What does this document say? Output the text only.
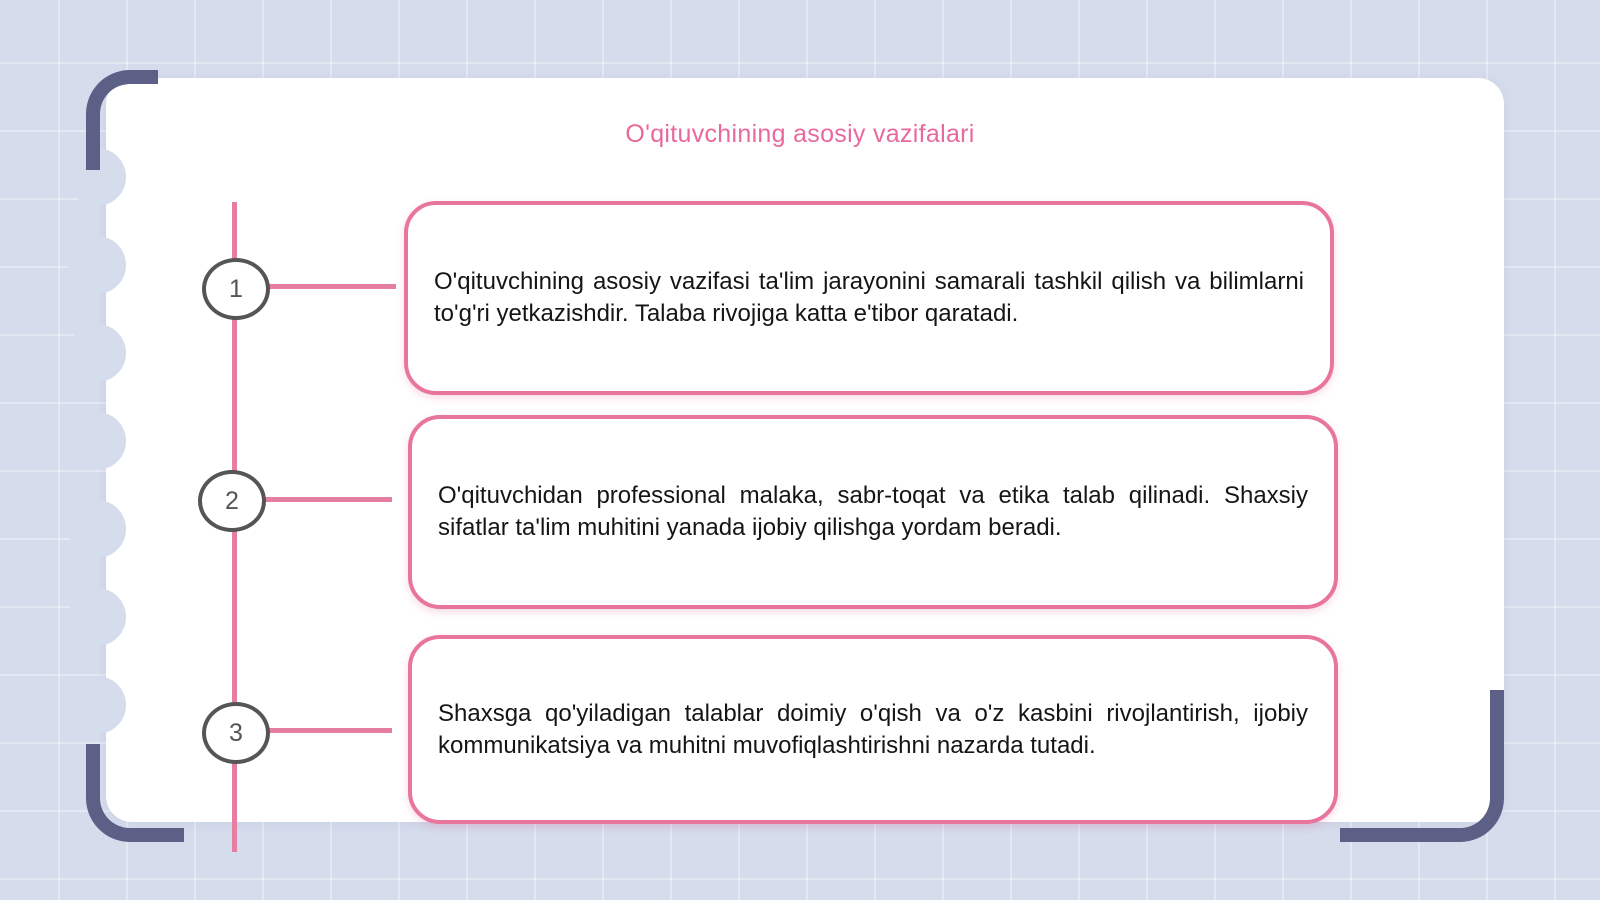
O'qituvchining asosiy vazifalari
1	O'qituvchining asosiy vazifasi ta'lim jarayonini samarali tashkil qilish va bilimlarni to'g'ri yetkazishdir. Talaba rivojiga katta e'tibor qaratadi.

2	O'qituvchidan professional malaka, sabr-toqat va etika talab qilinadi. Shaxsiy sifatlar ta'lim muhitini yanada ijobiy qilishga yordam beradi.

3

Shaxsga qo'yiladigan talablar doimiy o'qish va o'z kasbini rivojlantirish, ijobiy kommunikatsiya va muhitni muvofiqlashtirishni nazarda tutadi.
